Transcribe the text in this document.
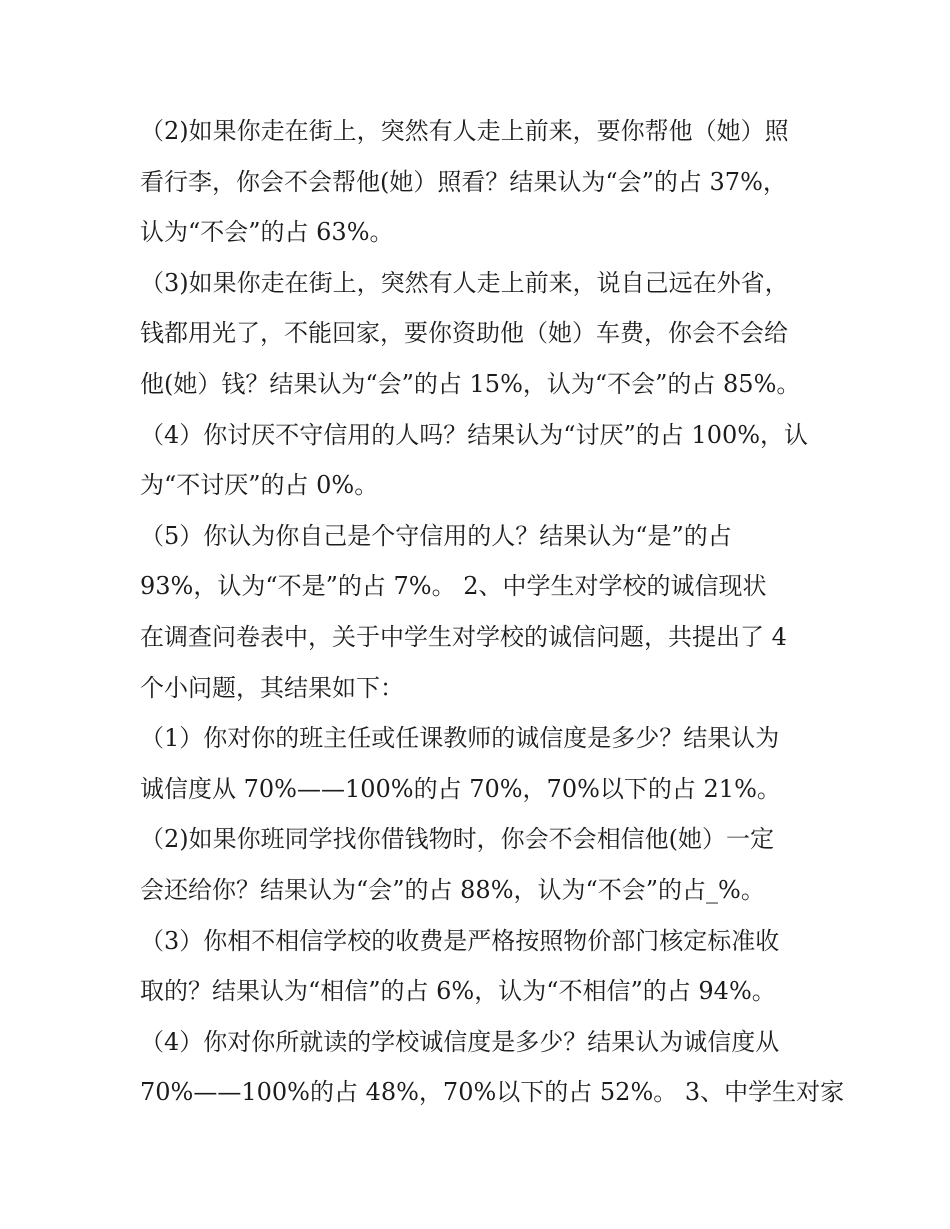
（2)如果你走在街上，突然有人走上前来，要你帮他（她）照
看行李，你会不会帮他(她）照看？结果认为“会”的占 37%，
认为“不会”的占 63%。
（3)如果你走在街上，突然有人走上前来，说自己远在外省，
钱都用光了，不能回家，要你资助他（她）车费，你会不会给
他(她）钱？结果认为“会”的占 15%，认为“不会”的占 85%。
（4）你讨厌不守信用的人吗？结果认为“讨厌”的占 100%，认
为“不讨厌”的占 0%。
（5）你认为你自己是个守信用的人？结果认为“是”的占
93%，认为“不是”的占 7%。 2、中学生对学校的诚信现状
在调查问卷表中，关于中学生对学校的诚信问题，共提出了 4
个小问题，其结果如下：
（1）你对你的班主任或任课教师的诚信度是多少？结果认为
诚信度从 70%——100%的占 70%，70%以下的占 21%。
（2)如果你班同学找你借钱物时，你会不会相信他(她）一定
会还给你？结果认为“会”的占 88%，认为“不会”的占_%。
（3）你相不相信学校的收费是严格按照物价部门核定标准收
取的？结果认为“相信”的占 6%，认为“不相信”的占 94%。
（4）你对你所就读的学校诚信度是多少？结果认为诚信度从
70%——100%的占 48%，70%以下的占 52%。 3、中学生对家
